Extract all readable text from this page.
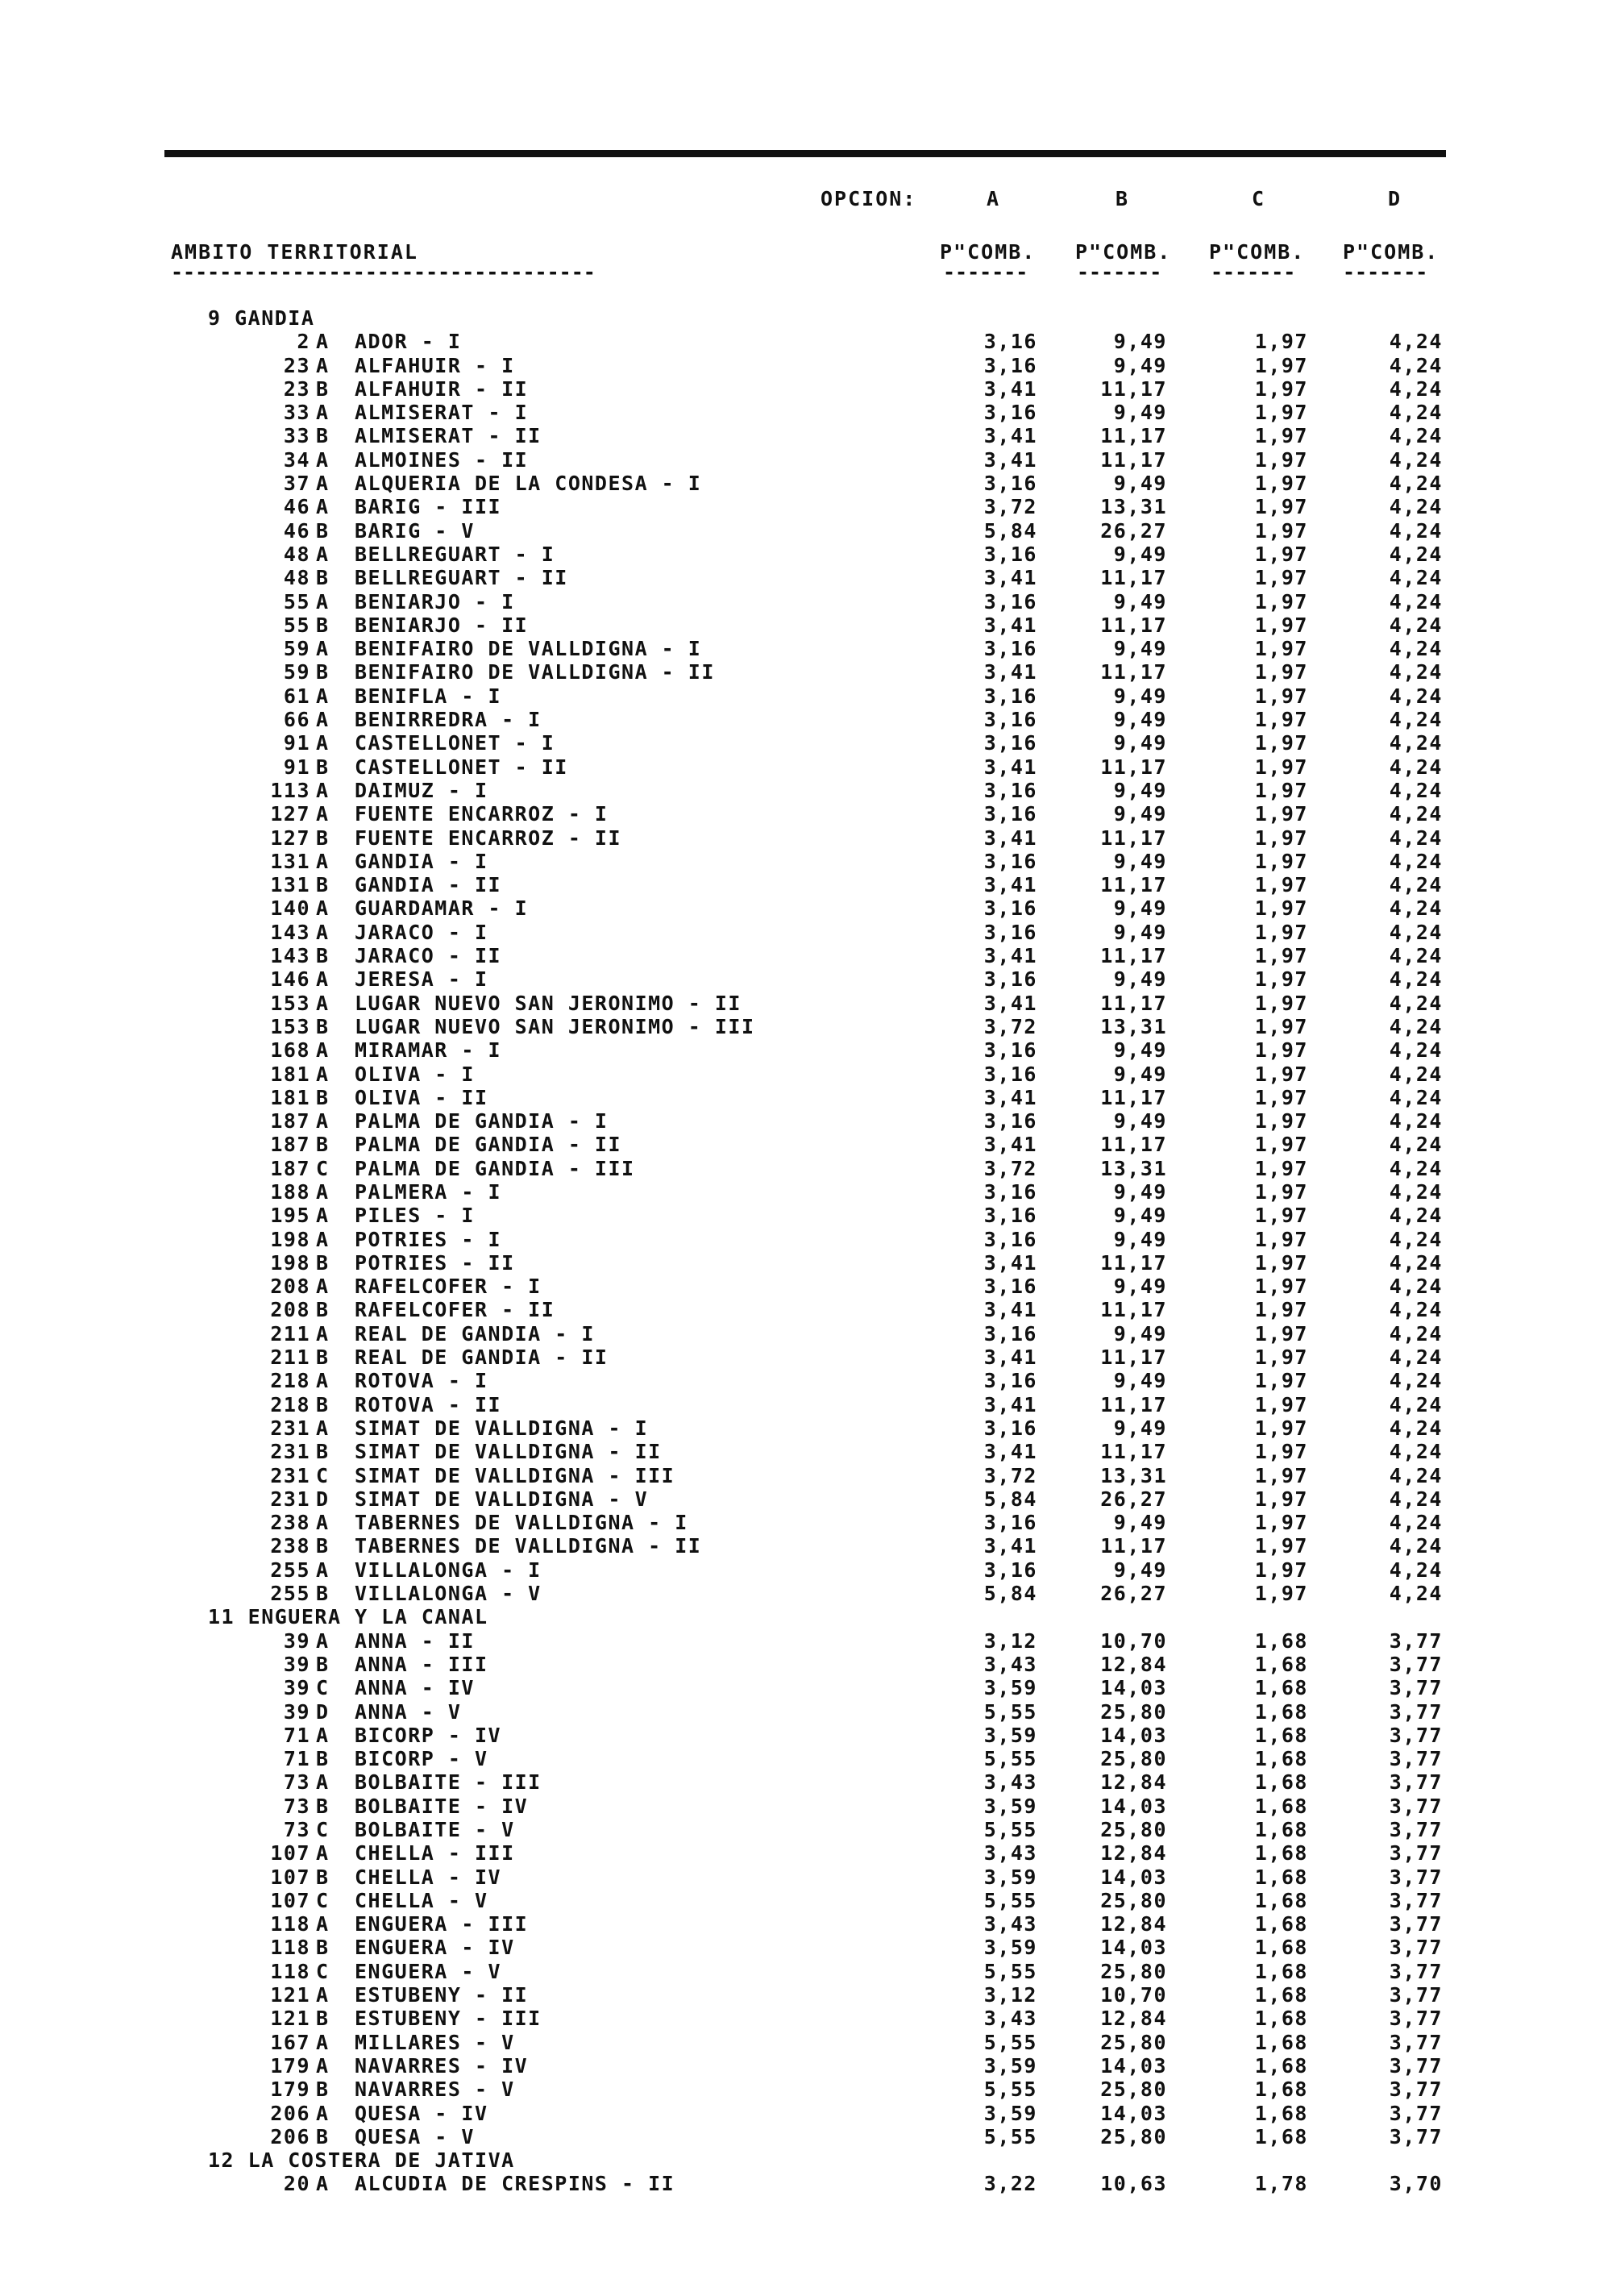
OPCION:	A	B	C	D
AMBITO TERRITORIAL	P"COMB. P"COMB. P"COMB. P"COMB.
-----------------------------------	-------	-------	-------	-------
9 GANDIA
2 A ADOR - I	3,16	9,49	1,97	4,24
23 A ALFAHUIR - I	3,16	9,49	1,97	4,24
23 B ALFAHUIR - II	3,41	11,17	1,97	4,24
33 A ALMISERAT - I	3,16	9,49	1,97	4,24
33 B ALMISERAT - II	3,41	11,17	1,97	4,24
34 A ALMOINES - II	3,41	11,17	1,97	4,24
37 A ALQUERIA DE LA CONDESA - I	3,16	9,49	1,97	4,24
46 A BARIG - III	3,72	13,31	1,97	4,24
46 B BARIG - V	5,84	26,27	1,97	4,24
48 A BELLREGUART - I	3,16	9,49	1,97	4,24
48 B BELLREGUART - II	3,41	11,17	1,97	4,24
55 A BENIARJO - I	3,16	9,49	1,97	4,24
55 B BENIARJO - II	3,41	11,17	1,97	4,24
59 A BENIFAIRO DE VALLDIGNA - I	3,16	9,49	1,97	4,24
59 B BENIFAIRO DE VALLDIGNA - II	3,41	11,17	1,97	4,24
61 A BENIFLA - I	3,16	9,49	1,97	4,24
66 A BENIRREDRA - I	3,16	9,49	1,97	4,24
91 A CASTELLONET - I	3,16	9,49	1,97	4,24
91 B CASTELLONET - II	3,41	11,17	1,97	4,24
113 A DAIMUZ - I	3,16	9,49	1,97	4,24
127 A FUENTE ENCARROZ - I	3,16	9,49	1,97	4,24
127 B FUENTE ENCARROZ - II	3,41	11,17	1,97	4,24
131 A GANDIA - I	3,16	9,49	1,97	4,24
131 B GANDIA - II	3,41	11,17	1,97	4,24
140 A GUARDAMAR - I	3,16	9,49	1,97	4,24
143 A JARACO - I	3,16	9,49	1,97	4,24
143 B JARACO - II	3,41	11,17	1,97	4,24
146 A JERESA - I	3,16	9,49	1,97	4,24
153 A LUGAR NUEVO SAN JERONIMO - II	3,41	11,17	1,97	4,24
153 B LUGAR NUEVO SAN JERONIMO - III	3,72	13,31	1,97	4,24
168 A MIRAMAR - I	3,16	9,49	1,97	4,24
181 A OLIVA - I	3,16	9,49	1,97	4,24
181 B OLIVA - II	3,41	11,17	1,97	4,24
187 A PALMA DE GANDIA - I	3,16	9,49	1,97	4,24
187 B PALMA DE GANDIA - II	3,41	11,17	1,97	4,24
187 C PALMA DE GANDIA - III	3,72	13,31	1,97	4,24
188 A PALMERA - I	3,16	9,49	1,97	4,24
195 A PILES - I	3,16	9,49	1,97	4,24
198 A POTRIES - I	3,16	9,49	1,97	4,24
198 B POTRIES - II	3,41	11,17	1,97	4,24
208 A RAFELCOFER - I	3,16	9,49	1,97	4,24
208 B RAFELCOFER - II	3,41	11,17	1,97	4,24
211 A REAL DE GANDIA - I	3,16	9,49	1,97	4,24
211 B REAL DE GANDIA - II	3,41	11,17	1,97	4,24
218 A ROTOVA - I	3,16	9,49	1,97	4,24
218 B ROTOVA - II	3,41	11,17	1,97	4,24
231 A SIMAT DE VALLDIGNA - I	3,16	9,49	1,97	4,24
231 B SIMAT DE VALLDIGNA - II	3,41	11,17	1,97	4,24
231 C SIMAT DE VALLDIGNA - III	3,72	13,31	1,97	4,24
231 D SIMAT DE VALLDIGNA - V	5,84	26,27	1,97	4,24
238 A TABERNES DE VALLDIGNA - I	3,16	9,49	1,97	4,24
238 B TABERNES DE VALLDIGNA - II	3,41	11,17	1,97	4,24
255 A VILLALONGA - I	3,16	9,49	1,97	4,24
255 B VILLALONGA - V	5,84	26,27	1,97	4,24
11 ENGUERA Y LA CANAL
39 A ANNA - II	3,12	10,70	1,68	3,77
39 B ANNA - III	3,43	12,84	1,68	3,77
39 C ANNA - IV	3,59	14,03	1,68	3,77
39 D ANNA - V	5,55	25,80	1,68	3,77
71 A BICORP - IV	3,59	14,03	1,68	3,77
71 B BICORP - V	5,55	25,80	1,68	3,77
73 A BOLBAITE - III	3,43	12,84	1,68	3,77
73 B BOLBAITE - IV	3,59	14,03	1,68	3,77
73 C BOLBAITE - V	5,55	25,80	1,68	3,77
107 A CHELLA - III	3,43	12,84	1,68	3,77
107 B CHELLA - IV	3,59	14,03	1,68	3,77
107 C CHELLA - V	5,55	25,80	1,68	3,77
118 A ENGUERA - III	3,43	12,84	1,68	3,77
118 B ENGUERA - IV	3,59	14,03	1,68	3,77
118 C ENGUERA - V	5,55	25,80	1,68	3,77
121 A ESTUBENY - II	3,12	10,70	1,68	3,77
121 B ESTUBENY - III	3,43	12,84	1,68	3,77
167 A MILLARES - V	5,55	25,80	1,68	3,77
179 A NAVARRES - IV	3,59	14,03	1,68	3,77
179 B NAVARRES - V	5,55	25,80	1,68	3,77
206 A QUESA - IV	3,59	14,03	1,68	3,77
206 B QUESA - V	5,55	25,80	1,68	3,77
12 LA COSTERA DE JATIVA
20 A ALCUDIA DE CRESPINS - II	3,22	10,63	1,78	3,70
